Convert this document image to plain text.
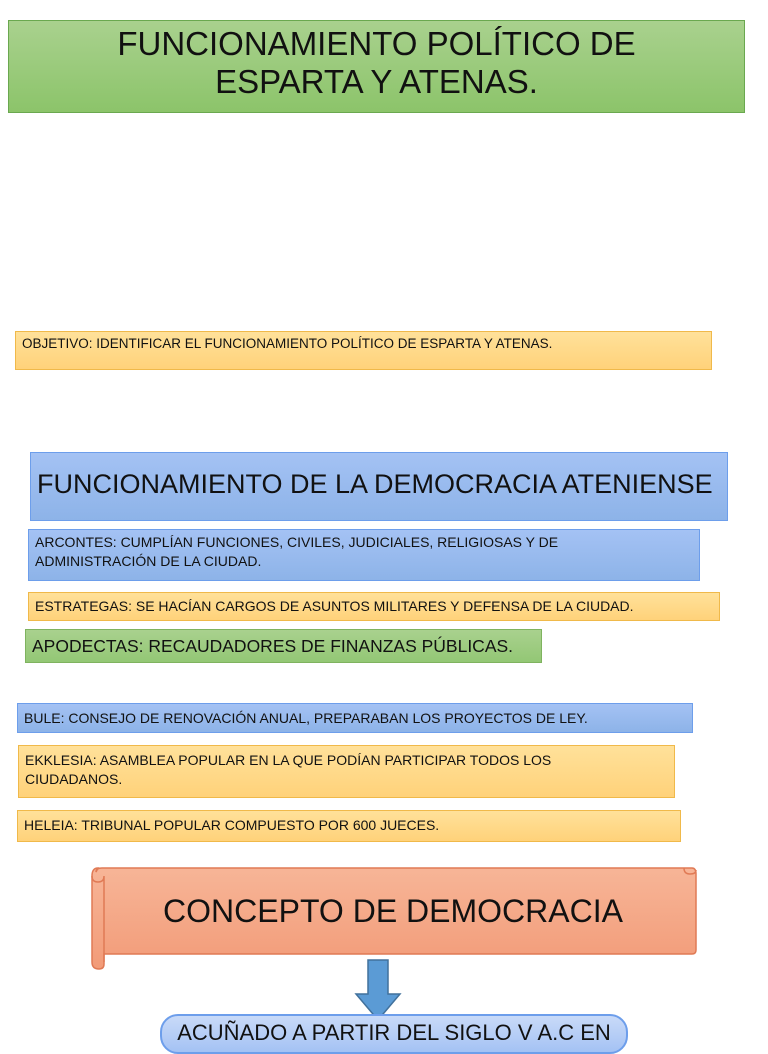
FUNCIONAMIENTO POLÍTICO DE
ESPARTA Y ATENAS.
OBJETIVO: IDENTIFICAR EL FUNCIONAMIENTO POLÍTICO DE ESPARTA Y ATENAS.
FUNCIONAMIENTO DE LA DEMOCRACIA ATENIENSE
ARCONTES: CUMPLÍAN FUNCIONES, CIVILES, JUDICIALES, RELIGIOSAS Y DE
ADMINISTRACIÓN DE LA CIUDAD.
ESTRATEGAS: SE HACÍAN CARGOS DE ASUNTOS MILITARES Y DEFENSA DE LA CIUDAD.
APODECTAS: RECAUDADORES DE FINANZAS PÚBLICAS.
BULE: CONSEJO DE RENOVACIÓN ANUAL, PREPARABAN LOS PROYECTOS DE LEY.
EKKLESIA: ASAMBLEA POPULAR EN LA QUE PODÍAN PARTICIPAR TODOS LOS
CIUDADANOS.
HELEIA: TRIBUNAL POPULAR COMPUESTO POR 600 JUECES.
CONCEPTO DE DEMOCRACIA
ACUÑADO A PARTIR DEL SIGLO V A.C EN
